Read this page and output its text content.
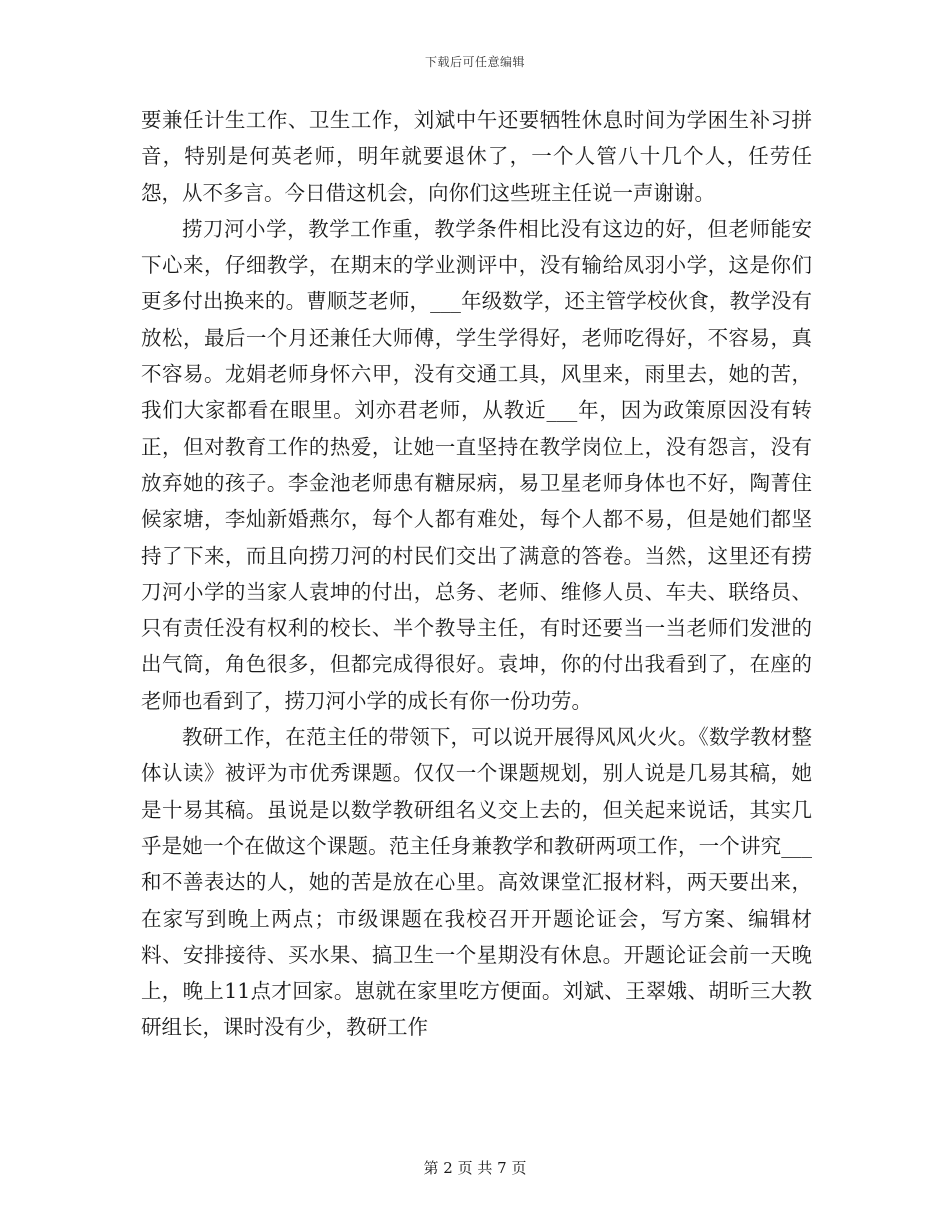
下载后可任意编辑

要兼任计生工作、卫生工作，刘斌中午还要牺牲休息时间为学困生补习拼音，特别是何英老师，明年就要退休了，一个人管八十几个人，任劳任怨，从不多言。今日借这机会，向你们这些班主任说一声谢谢。

捞刀河小学，教学工作重，教学条件相比没有这边的好，但老师能安下心来，仔细教学，在期末的学业测评中，没有输给凤羽小学，这是你们更多付出换来的。曹顺芝老师，___年级数学，还主管学校伙食，教学没有放松，最后一个月还兼任大师傅，学生学得好，老师吃得好，不容易，真不容易。龙娟老师身怀六甲，没有交通工具，风里来，雨里去，她的苦，我们大家都看在眼里。刘亦君老师，从教近___年，因为政策原因没有转正，但对教育工作的热爱，让她一直坚持在教学岗位上，没有怨言，没有放弃她的孩子。李金池老师患有糖尿病，易卫星老师身体也不好，陶菁住候家塘，李灿新婚燕尔，每个人都有难处，每个人都不易，但是她们都坚持了下来，而且向捞刀河的村民们交出了满意的答卷。当然，这里还有捞刀河小学的当家人袁坤的付出，总务、老师、维修人员、车夫、联络员、只有责任没有权利的校长、半个教导主任，有时还要当一当老师们发泄的出气筒，角色很多，但都完成得很好。袁坤，你的付出我看到了，在座的老师也看到了，捞刀河小学的成长有你一份功劳。

教研工作，在范主任的带领下，可以说开展得风风火火。《数学教材整体认读》被评为市优秀课题。仅仅一个课题规划，别人说是几易其稿，她是十易其稿。虽说是以数学教研组名义交上去的，但关起来说话，其实几乎是她一个在做这个课题。范主任身兼教学和教研两项工作，一个讲究___和不善表达的人，她的苦是放在心里。高效课堂汇报材料，两天要出来，在家写到晚上两点；市级课题在我校召开开题论证会，写方案、编辑材料、安排接待、买水果、搞卫生一个星期没有休息。开题论证会前一天晚上，晚上11点才回家。崽就在家里吃方便面。刘斌、王翠娥、胡昕三大教研组长，课时没有少，教研工作

第 2 页 共 7 页
